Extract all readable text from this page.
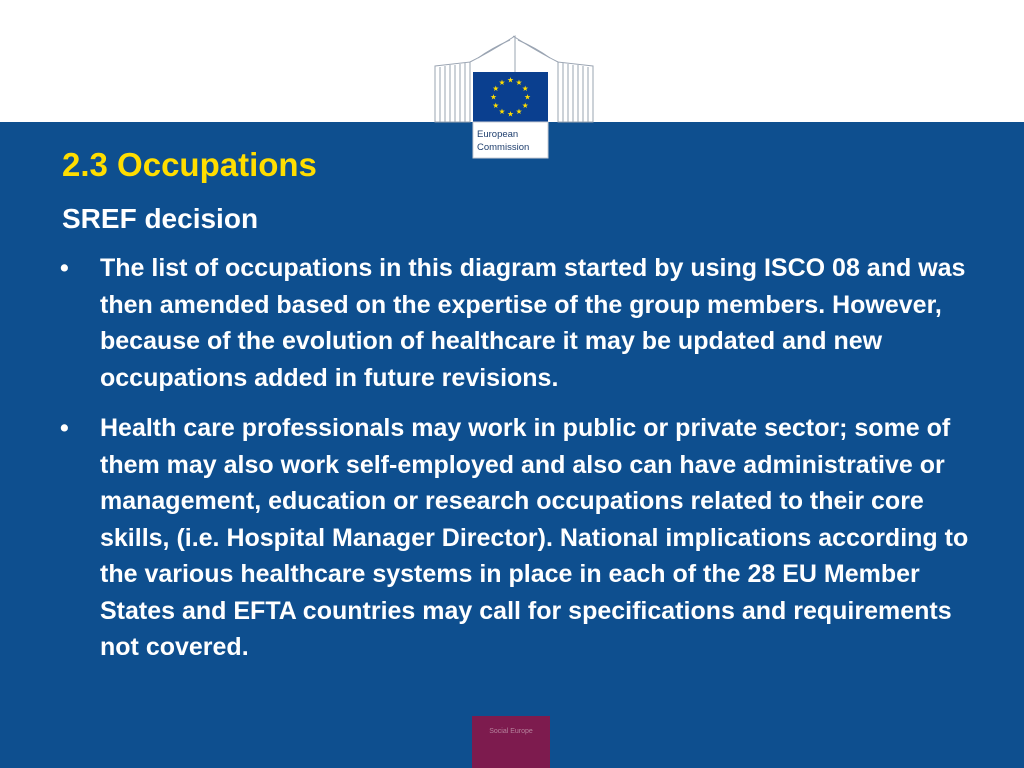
★ ★
★
★
★
★
★
★
★
★
★
★
European
Commission
2.3 Occupations
SREF decision
• The list of occupations in this diagram started by using ISCO 08 and was then amended based on the expertise of the group members. However, because of the evolution of healthcare it may be updated and new occupations added in future revisions.
• Health care professionals may work in public or private sector; some of them may also work self-employed and also can have administrative or management, education or research occupations related to their core skills, (i.e. Hospital Manager Director). National implications according to the various healthcare systems in place in each of the 28 EU Member States and EFTA countries may call for specifications and requirements not covered.
Social Europe
